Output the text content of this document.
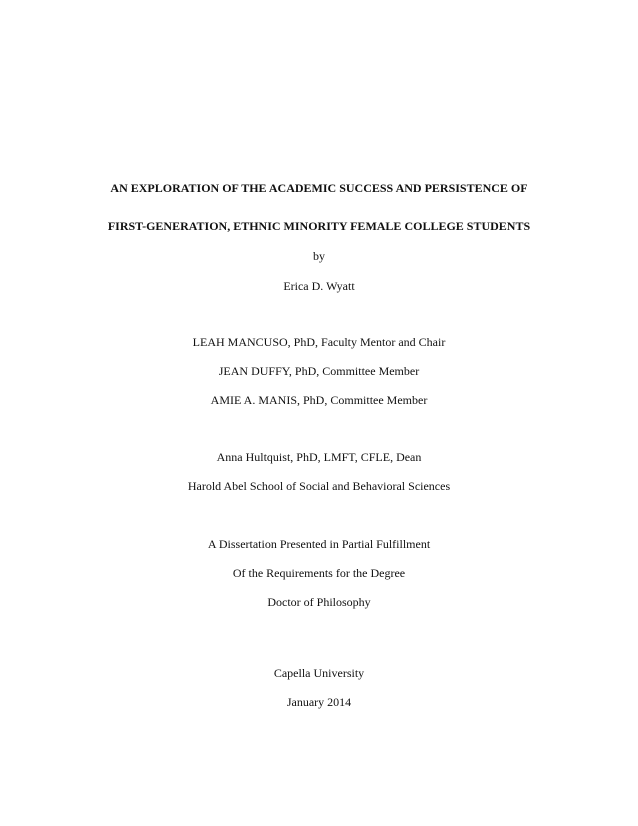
AN EXPLORATION OF THE ACADEMIC SUCCESS AND PERSISTENCE OF
FIRST-GENERATION, ETHNIC MINORITY FEMALE COLLEGE STUDENTS
by
Erica D. Wyatt
LEAH MANCUSO, PhD, Faculty Mentor and Chair
JEAN DUFFY, PhD, Committee Member
AMIE A. MANIS, PhD, Committee Member
Anna Hultquist, PhD, LMFT, CFLE, Dean
Harold Abel School of Social and Behavioral Sciences
A Dissertation Presented in Partial Fulfillment
Of the Requirements for the Degree
Doctor of Philosophy
Capella University
January 2014
